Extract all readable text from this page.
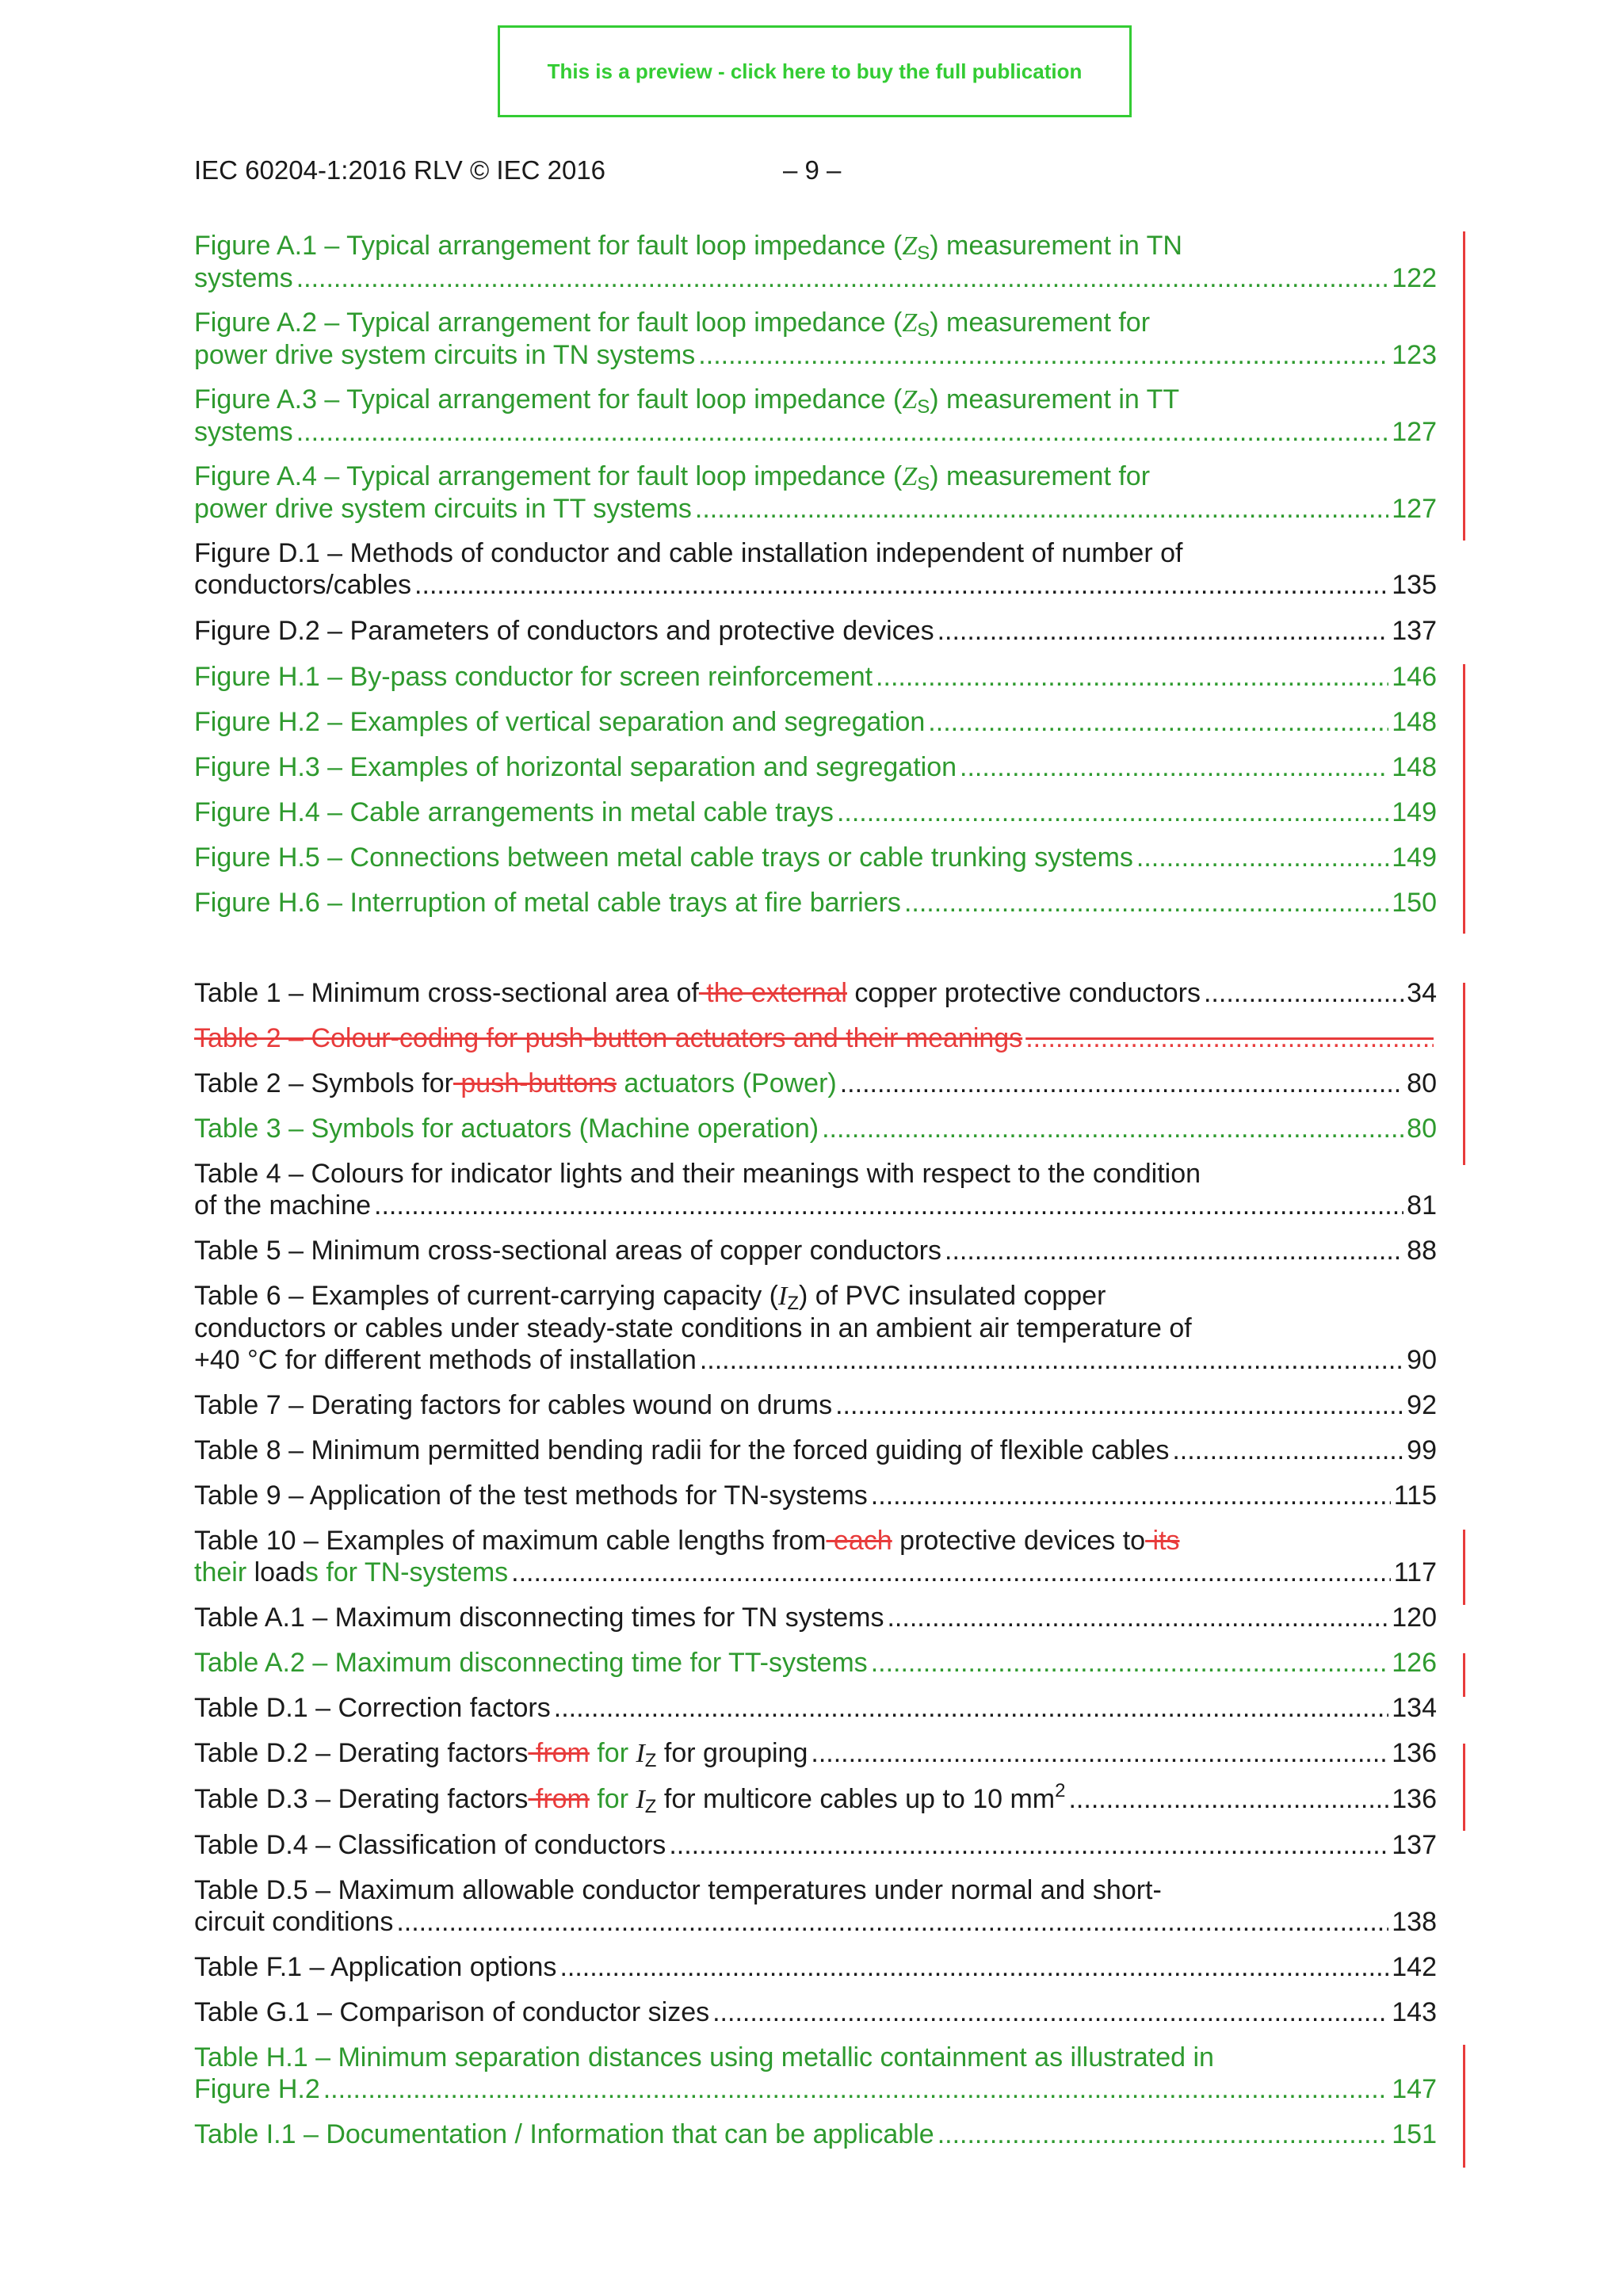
This is a preview - click here to buy the full publication
IEC 60204-1:2016 RLV © IEC 2016	– 9 –
Figure A.1 – Typical arrangement for fault loop impedance $(Z_S)$ measurement in TN
systems .....	122
Figure A.2 – Typical arrangement for fault loop impedance $(Z_S)$ measurement for
power drive system circuits in TN systems .....	123
Figure A.3 – Typical arrangement for fault loop impedance $(Z_S)$ measurement in TT
systems .....	127
Figure A.4 – Typical arrangement for fault loop impedance $(Z_S)$ measurement for
power drive system circuits in TT systems .....	127
Figure D.1 – Methods of conductor and cable installation independent of number of
conductors/cables .....	135
Figure D.2 – Parameters of conductors and protective devices .....	137
Figure H.1 – By-pass conductor for screen reinforcement .....	146
Figure H.2 – Examples of vertical separation and segregation .....	148
Figure H.3 – Examples of horizontal separation and segregation .....	148
Figure H.4 – Cable arrangements in metal cable trays .....	149
Figure H.5 – Connections between metal cable trays or cable trunking systems .....	149
Figure H.6 – Interruption of metal cable trays at fire barriers .....	150
Table 1 – Minimum cross-sectional area of the external copper protective conductors .....	34
Table 2 – Colour-coding for push-button actuators and their meanings
.....
Table 2 – Symbols for push-buttons actuators (Power) .....	80
Table 3 – Symbols for actuators (Machine operation) .....	80
Table 4 – Colours for indicator lights and their meanings with respect to the condition
of the machine .....	81
Table 5 – Minimum cross-sectional areas of copper conductors .....	88
Table 6 – Examples of current-carrying capacity $(I_Z)$ of PVC insulated copper
conductors or cables under steady-state conditions in an ambient air temperature of
+40 °C for different methods of installation .....	90
Table 7 – Derating factors for cables wound on drums .....	92
Table 8 – Minimum permitted bending radii for the forced guiding of flexible cables .....	99
Table 9 – Application of the test methods for TN-systems .....	115
Table 10 – Examples of maximum cable lengths from each protective devices to its
their loads for TN-systems .....	117
Table A.1 – Maximum disconnecting times for TN systems .....	120
Table A.2 – Maximum disconnecting time for TT-systems .....	126
Table D.1 – Correction factors .....	134
Table D.2 – Derating factors from for $I_Z$ for grouping .....	136
Table D.3 – Derating factors from for $I_Z$ for multicore cables up to 10 $mm^2$ .....	136
Table D.4 – Classification of conductors .....	137
Table D.5 – Maximum allowable conductor temperatures under normal and short-
circuit conditions .....	138
Table F.1 – Application options .....	142
Table G.1 – Comparison of conductor sizes .....	143
Table H.1 – Minimum separation distances using metallic containment as illustrated in
Figure H.2 .....	147
Table I.1 – Documentation / Information that can be applicable .....	151
